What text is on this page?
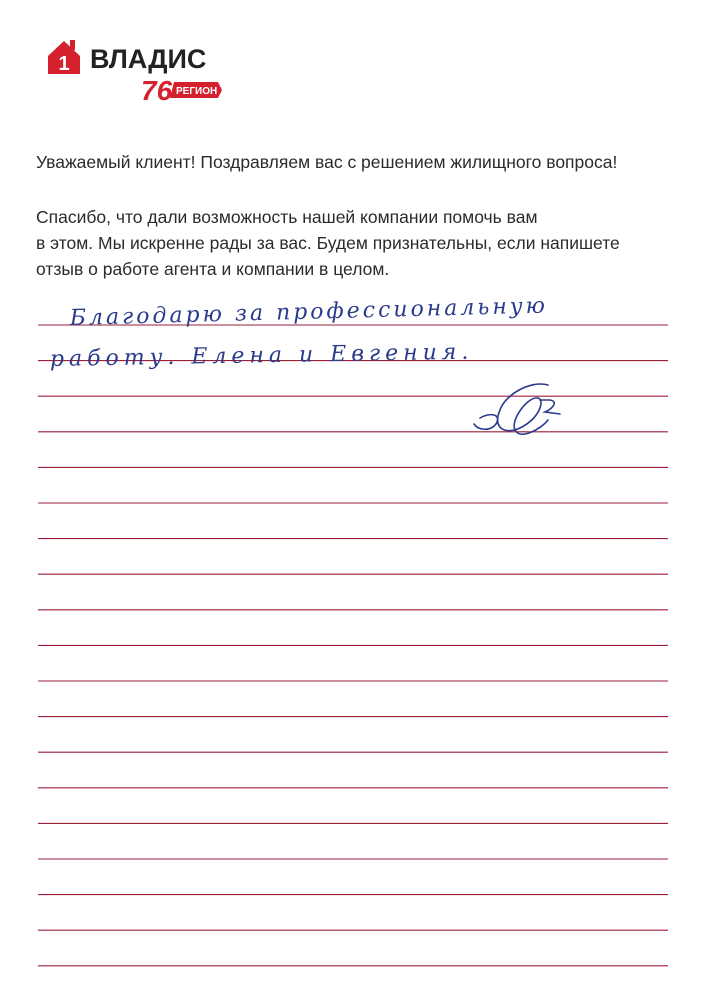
1 ВЛАДИС
76 РЕГИОН
Уважаемый клиент! Поздравляем вас с решением жилищного вопроса!
Спасибо, что дали возможность нашей компании помочь вам
в этом. Мы искренне рады за вас. Будем признательны, если напишете
отзыв о работе агента и компании в целом.
Благодарю за профессиональную
работу. Елена и Евгения.
